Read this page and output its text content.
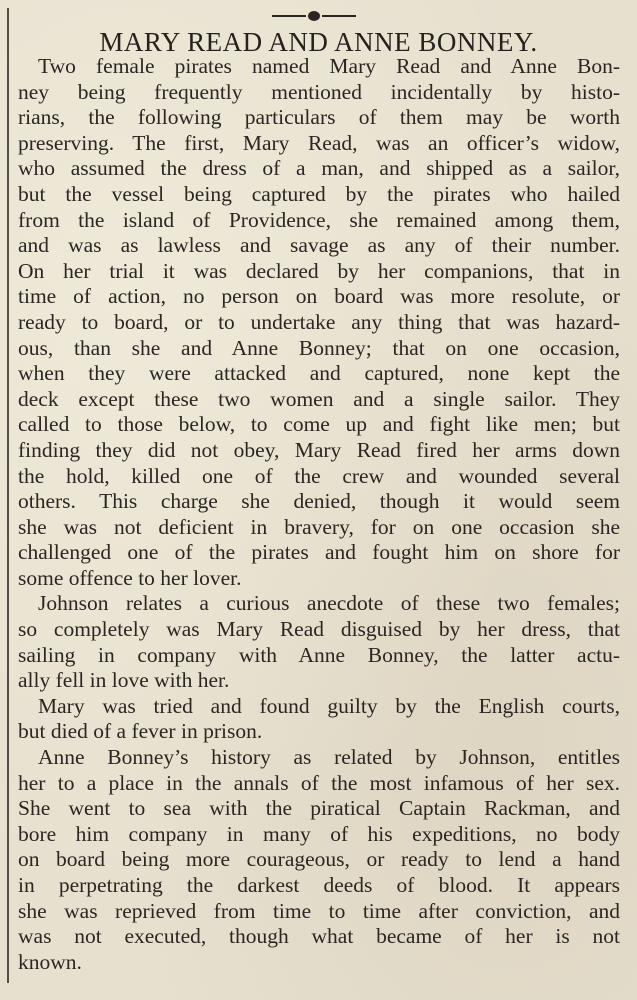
MARY READ AND ANNE BONNEY.
Two female pirates named Mary Read and Anne Bon-
ney being frequently mentioned incidentally by histo-
rians, the following particulars of them may be worth
preserving. The first, Mary Read, was an officer’s widow,
who assumed the dress of a man, and shipped as a sailor,
but the vessel being captured by the pirates who hailed
from the island of Providence, she remained among them,
and was as lawless and savage as any of their number.
On her trial it was declared by her companions, that in
time of action, no person on board was more resolute, or
ready to board, or to undertake any thing that was hazard-
ous, than she and Anne Bonney; that on one occasion,
when they were attacked and captured, none kept the
deck except these two women and a single sailor. They
called to those below, to come up and fight like men; but
finding they did not obey, Mary Read fired her arms down
the hold, killed one of the crew and wounded several
others. This charge she denied, though it would seem
she was not deficient in bravery, for on one occasion she
challenged one of the pirates and fought him on shore for
some offence to her lover.
Johnson relates a curious anecdote of these two females;
so completely was Mary Read disguised by her dress, that
sailing in company with Anne Bonney, the latter actu-
ally fell in love with her.
Mary was tried and found guilty by the English courts,
but died of a fever in prison.
Anne Bonney’s history as related by Johnson, entitles
her to a place in the annals of the most infamous of her sex.
She went to sea with the piratical Captain Rackman, and
bore him company in many of his expeditions, no body
on board being more courageous, or ready to lend a hand
in perpetrating the darkest deeds of blood. It appears
she was reprieved from time to time after conviction, and
was not executed, though what became of her is not
known.
